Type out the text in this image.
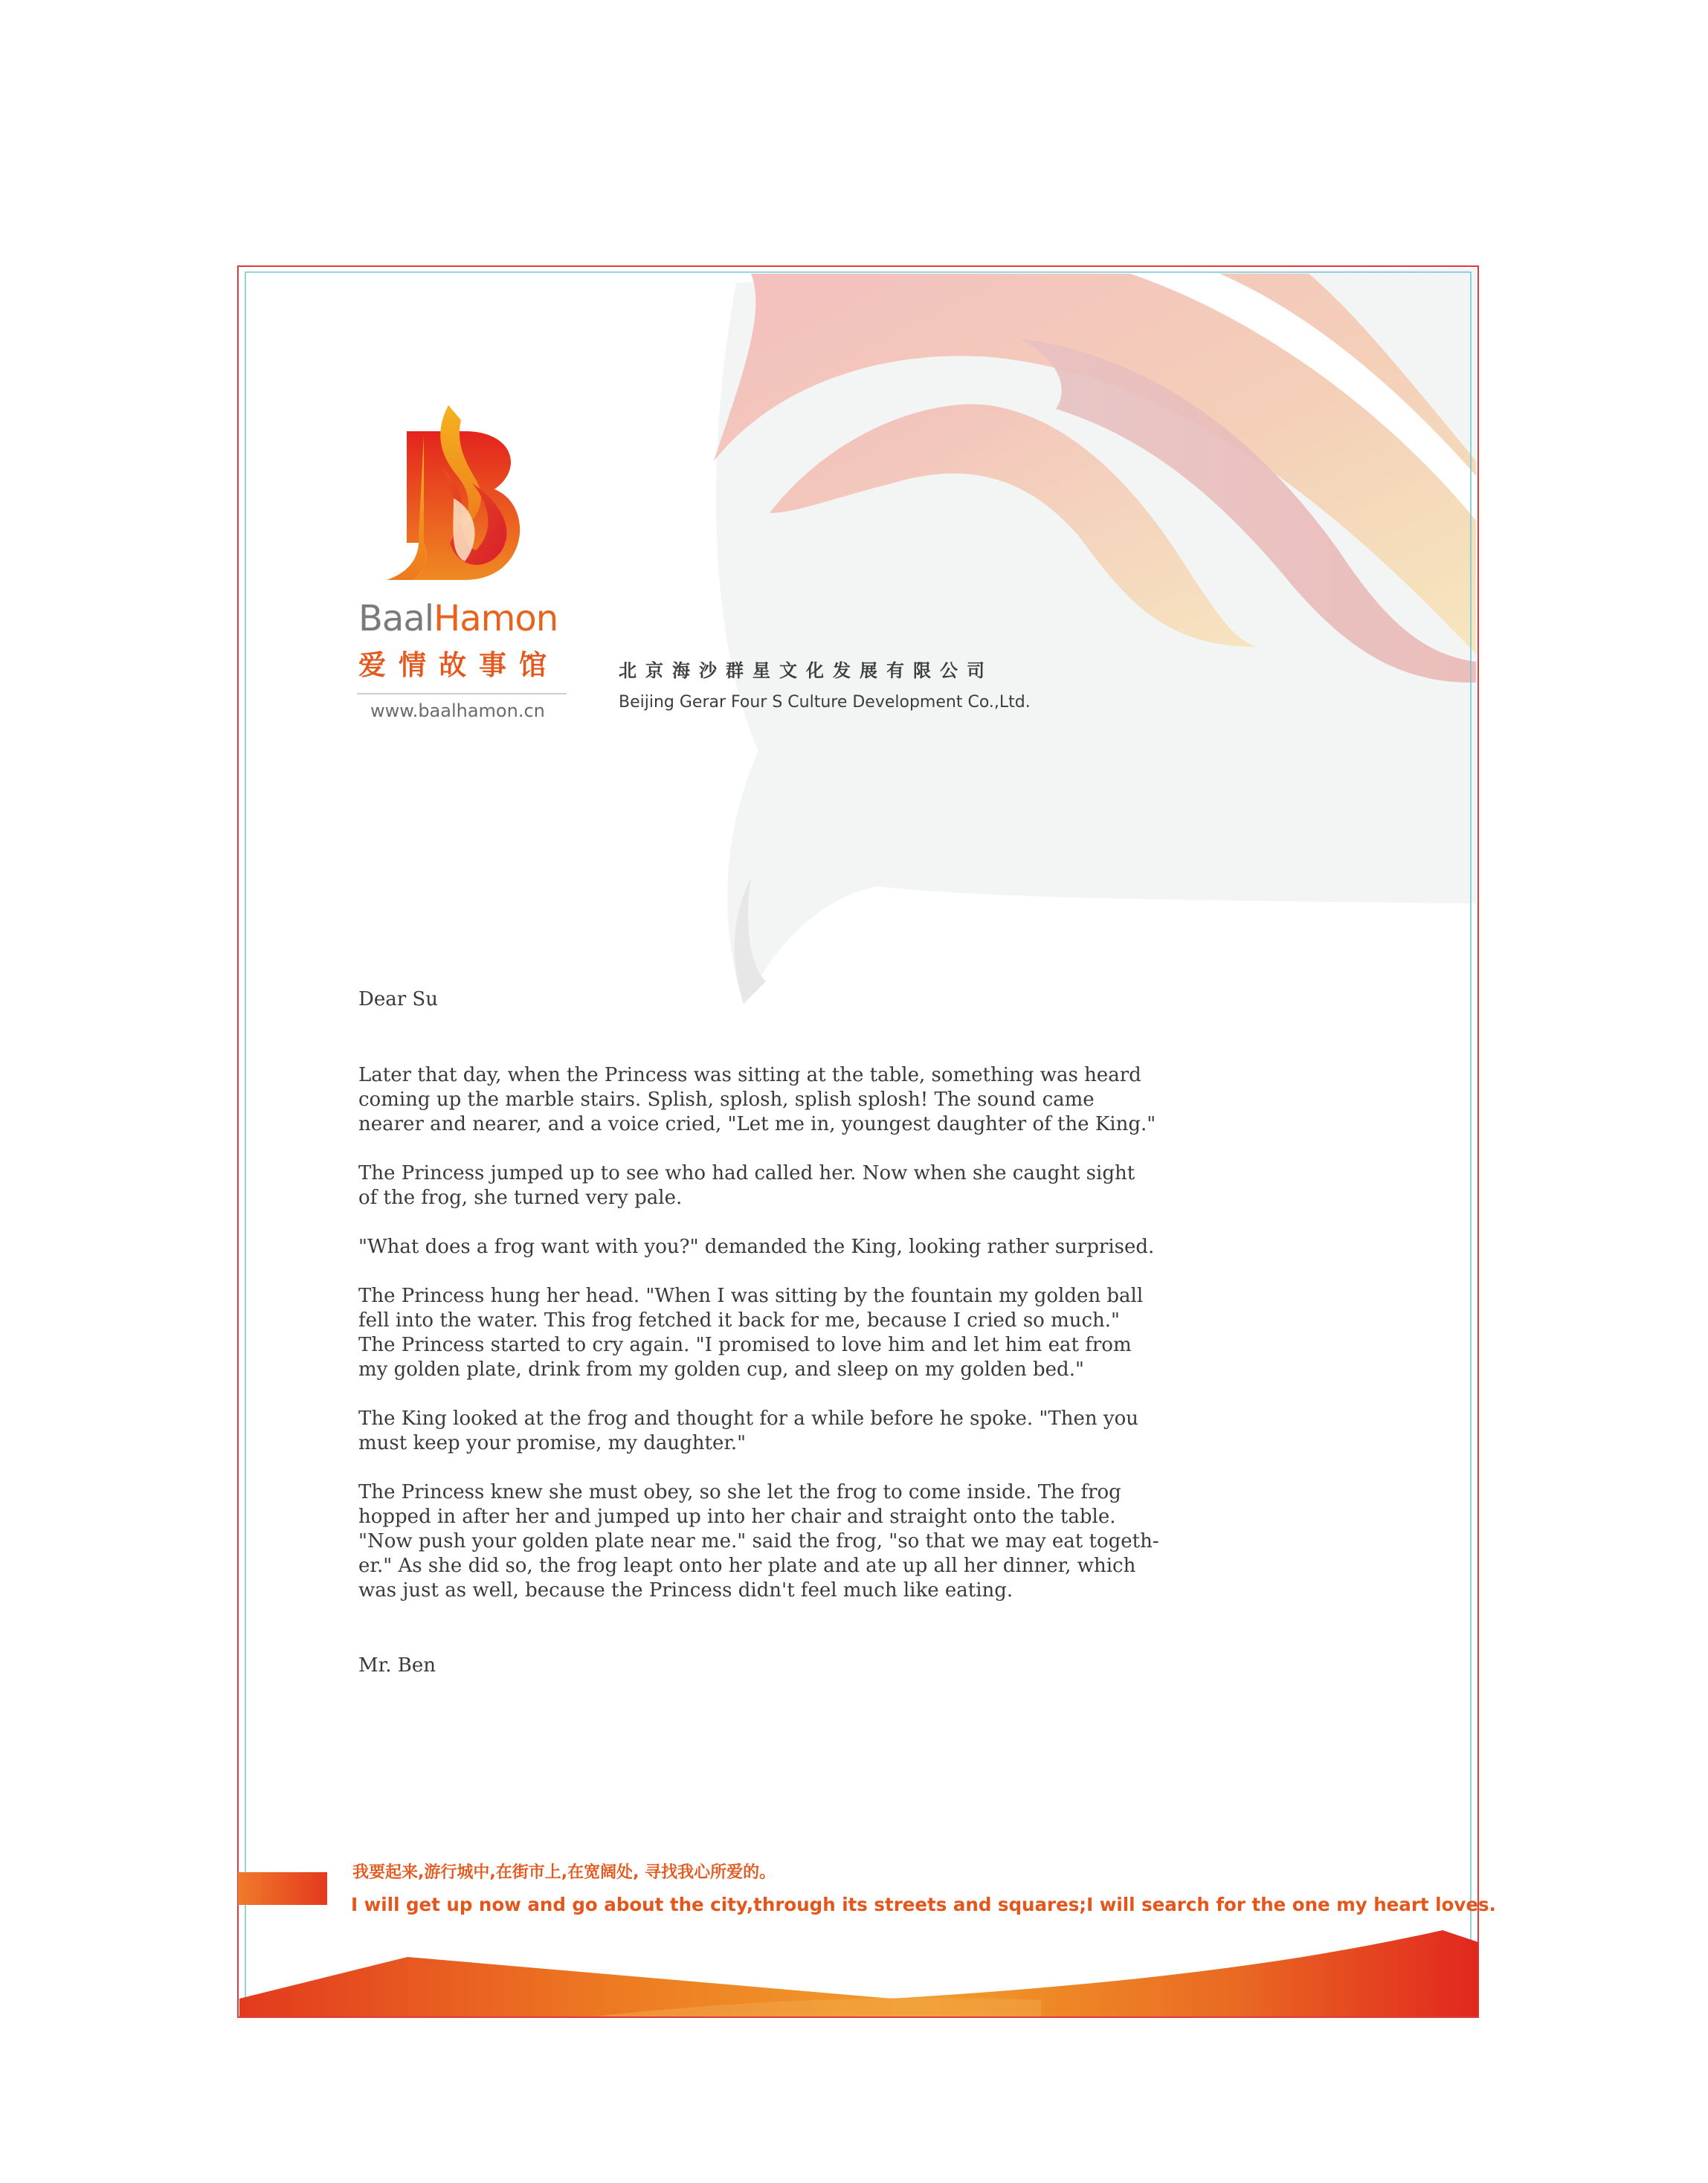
BaalHamon
爱情故事馆
www.baalhamon.cn
北京海沙群星文化发展有限公司
Beijing Gerar Four S Culture Development Co.,Ltd.

Dear Su

Later that day, when the Princess was sitting at the table, something was heard
coming up the marble stairs. Splish, splosh, splish splosh! The sound came
nearer and nearer, and a voice cried, "Let me in, youngest daughter of the King."

The Princess jumped up to see who had called her. Now when she caught sight
of the frog, she turned very pale.

"What does a frog want with you?" demanded the King, looking rather surprised.

The Princess hung her head. "When I was sitting by the fountain my golden ball
fell into the water. This frog fetched it back for me, because I cried so much."
The Princess started to cry again. "I promised to love him and let him eat from
my golden plate, drink from my golden cup, and sleep on my golden bed."

The King looked at the frog and thought for a while before he spoke. "Then you
must keep your promise, my daughter."

The Princess knew she must obey, so she let the frog to come inside. The frog
hopped in after her and jumped up into her chair and straight onto the table.
"Now push your golden plate near me." said the frog, "so that we may eat togeth-
er." As she did so, the frog leapt onto her plate and ate up all her dinner, which
was just as well, because the Princess didn't feel much like eating.

Mr. Ben
我要起来,游行城中,在街市上,在宽阔处, 寻找我心所爱的。
I will get up now and go about the city,through its streets and squares;I will search for the one my heart loves.
